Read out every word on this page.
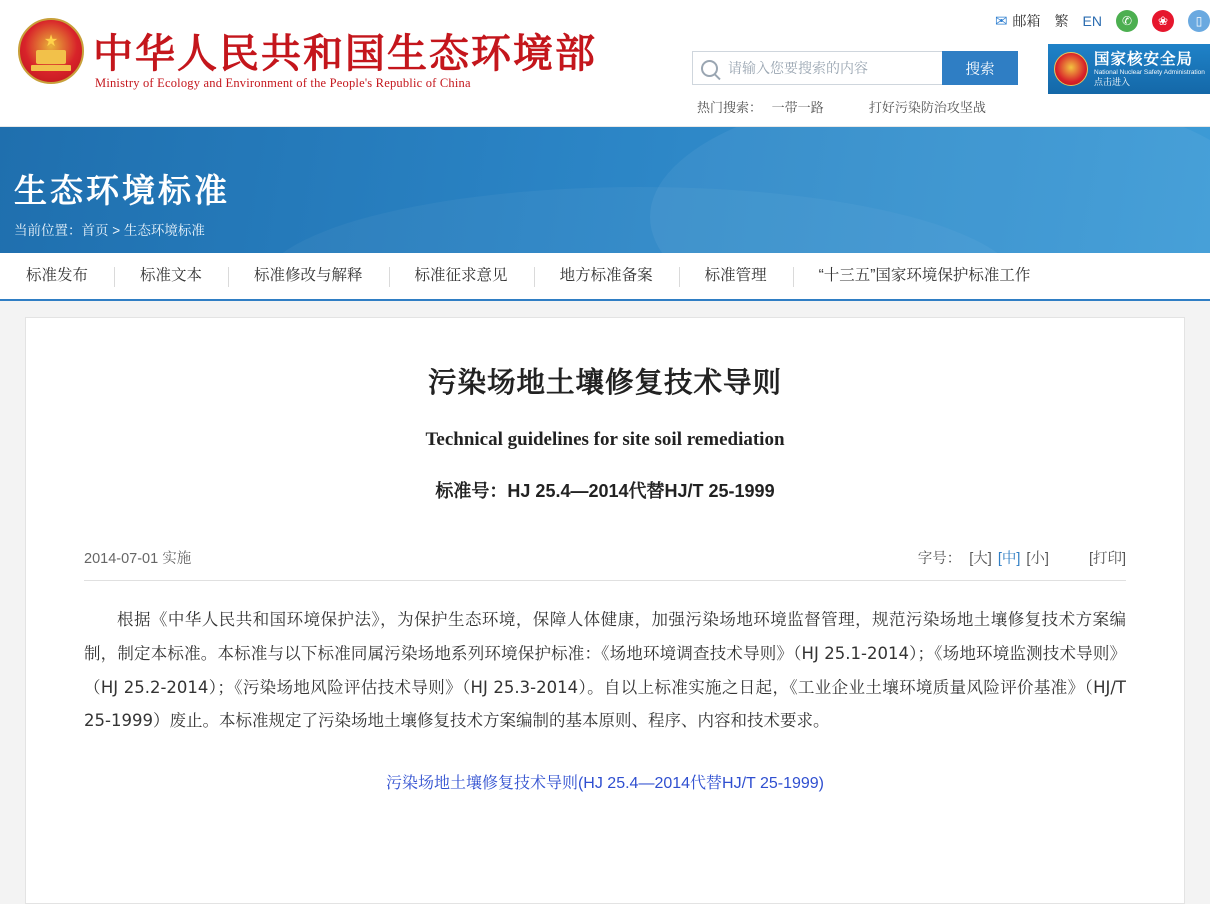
★ 中华人民共和国生态环境部
Ministry of Ecology and Environment of the People's Republic of China
✉ 邮箱 繁 EN	✆	❀	▯
请输入您要搜索的内容
搜索
热门搜索： 一带一路	打好污染防治攻坚战
国家核安全局
National Nuclear Safety Administration
点击进入
生态环境标准
当前位置：首页 > 生态环境标准
标准发布	标准文本	标准修改与解释	标准征求意见	地方标准备案	标准管理	“十三五”国家环境保护标准工作
污染场地土壤修复技术导则
Technical guidelines for site soil remediation
标准号：HJ 25.4—2014代替HJ/T 25-1999
2014-07-01 实施	字号： [大] [中] [小]	[打印]
根据《中华人民共和国环境保护法》，为保护生态环境，保障人体健康，加强污染场地环境监督管理，规范污染场地土壤修复技术方案编制，制定本标准。本标准与以下标准同属污染场地系列环境保护标准：《场地环境调查技术导则》（HJ 25.1-2014）；《场地环境监测技术导则》（HJ 25.2-2014）；《污染场地风险评估技术导则》（HJ 25.3-2014）。自以上标准实施之日起，《工业企业土壤环境质量风险评价基准》（HJ/T 25-1999）废止。本标准规定了污染场地土壤修复技术方案编制的基本原则、程序、内容和技术要求。
污染场地土壤修复技术导则(HJ 25.4—2014代替HJ/T 25-1999)
